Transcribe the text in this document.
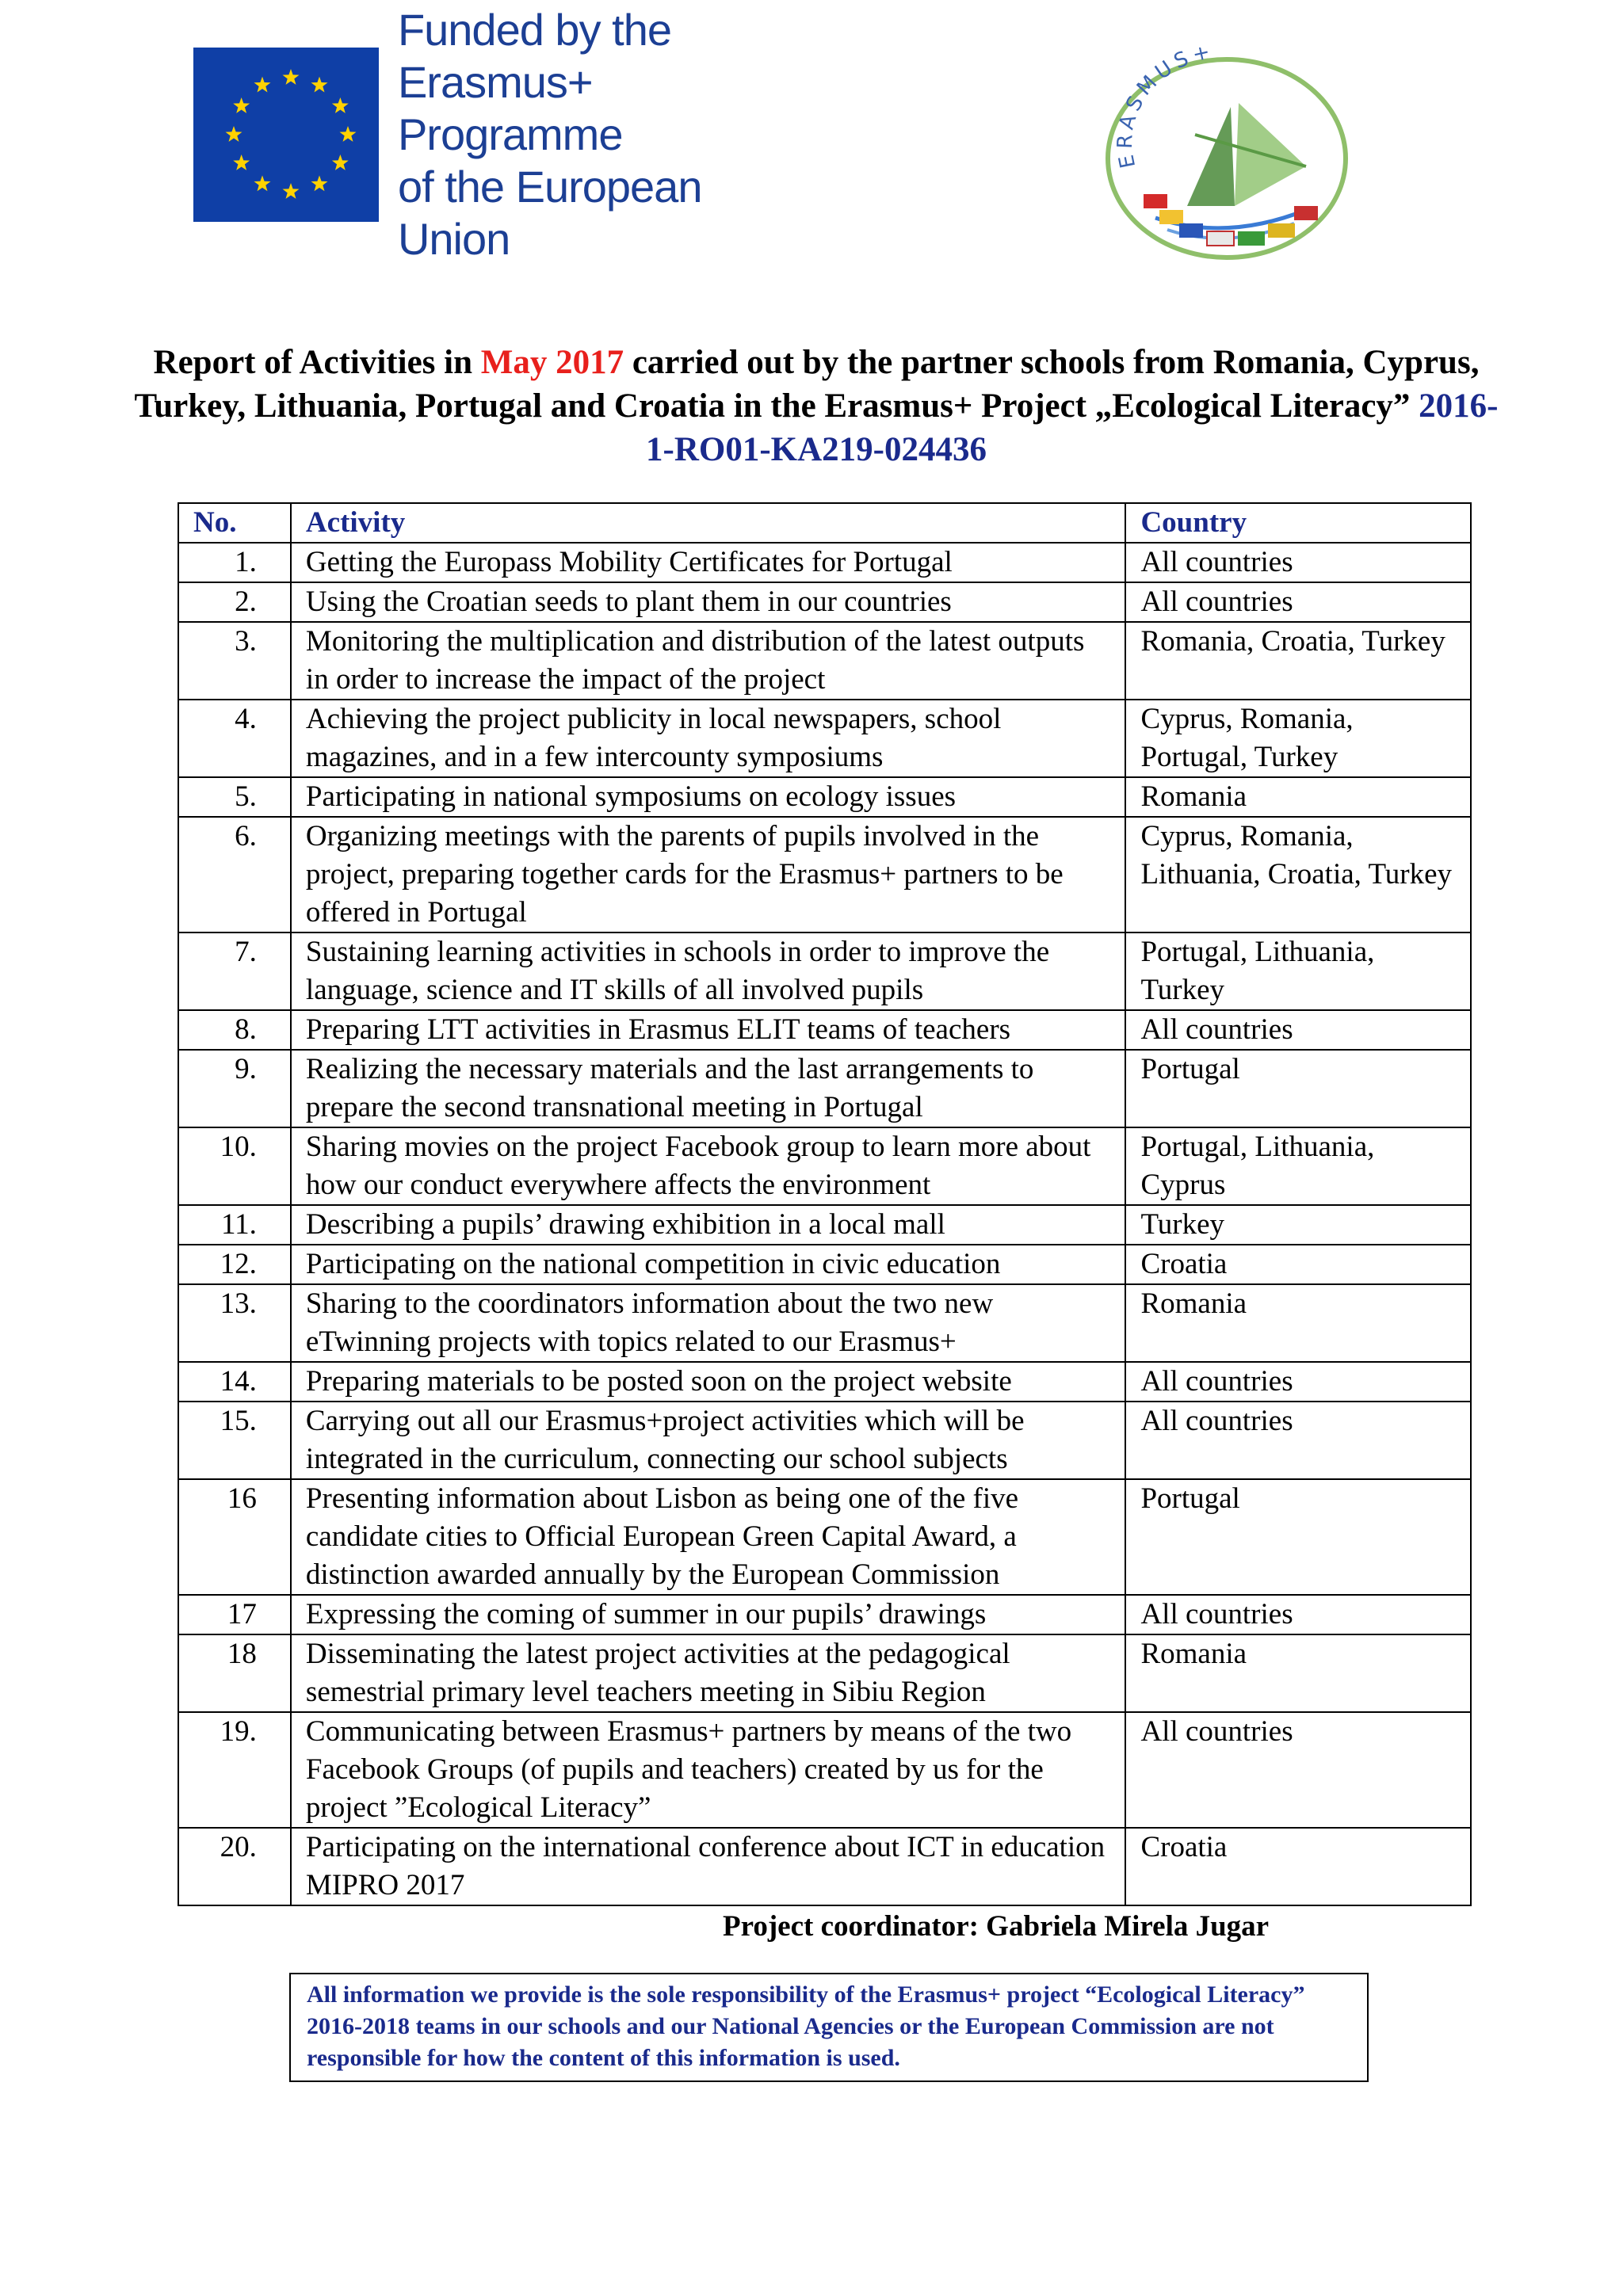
Funded by the
Erasmus+ Programme
of the European Union
ERASMUS+
Report of Activities in May 2017 carried out by the partner schools from Romania, Cyprus, Turkey, Lithuania, Portugal and Croatia in the Erasmus+ Project „Ecological Literacy” 2016-1-RO01-KA219-024436
No.	Activity	Country
1.	Getting the Europass Mobility Certificates for Portugal	All countries
2.	Using the Croatian seeds to plant them in our countries	All countries
3.	Monitoring the multiplication and distribution of the latest outputs in order to increase the impact of the project	Romania, Croatia, Turkey
4.	Achieving the project publicity in local newspapers, school magazines, and in a few intercounty symposiums	Cyprus, Romania, Portugal, Turkey
5.	Participating in national symposiums on ecology issues	Romania
6.	Organizing meetings with the parents of pupils involved in the project, preparing together cards for the Erasmus+ partners to be offered in Portugal	Cyprus, Romania, Lithuania, Croatia, Turkey
7.	Sustaining learning activities in schools in order to improve the language, science and IT skills of all involved pupils	Portugal, Lithuania, Turkey
8.	Preparing LTT activities in Erasmus ELIT teams of teachers	All countries
9.	Realizing the necessary materials and the last arrangements to prepare the second transnational meeting in Portugal	Portugal
10.	Sharing movies on the project Facebook group to learn more about how our conduct everywhere affects the environment	Portugal, Lithuania, Cyprus
11.	Describing a pupils’ drawing exhibition in a local mall	Turkey
12.	Participating on the national competition in civic education	Croatia
13.	Sharing to the coordinators information about the two new eTwinning projects with topics related to our Erasmus+	Romania
14.	Preparing materials to be posted soon on the project website	All countries
15.	Carrying out all our Erasmus+project activities which will be integrated in the curriculum, connecting our school subjects	All countries
16	Presenting information about Lisbon as being one of the five candidate cities to Official European Green Capital Award, a distinction awarded annually by the European Commission	Portugal
17	Expressing the coming of summer in our pupils’ drawings	All countries
18	Disseminating the latest project activities at the pedagogical semestrial primary level teachers meeting in Sibiu Region	Romania
19.	Communicating between Erasmus+ partners by means of the two Facebook Groups (of pupils and teachers) created by us for the project ”Ecological Literacy”	All countries
20.	Participating on the international conference about ICT in education MIPRO 2017	Croatia
Project coordinator: Gabriela Mirela Jugar
All information we provide is the sole responsibility of the Erasmus+ project “Ecological Literacy” 2016-2018 teams in our schools and our National Agencies or the European Commission are not responsible for how the content of this information is used.
